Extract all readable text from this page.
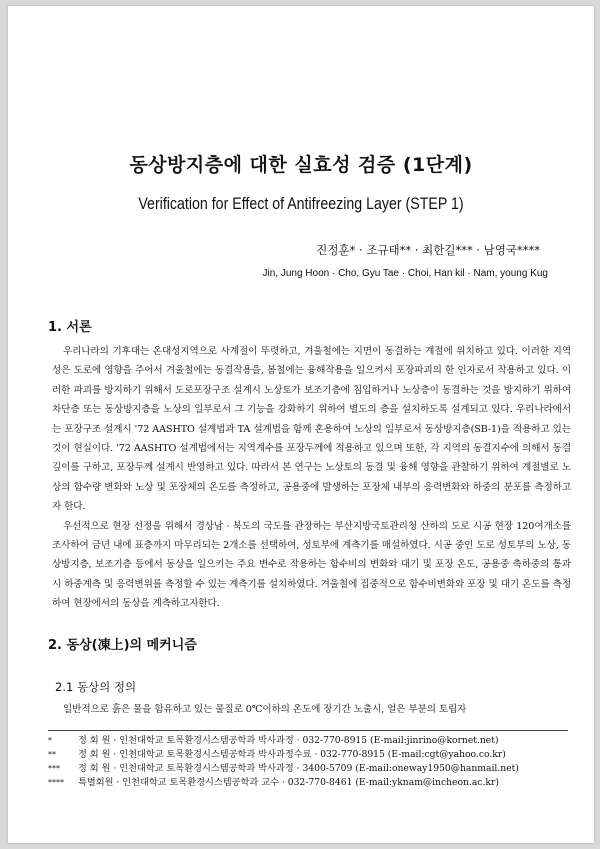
동상방지층에 대한 실효성 검증 (1단계)
Verification for Effect of Antifreezing Layer (STEP 1)
진정훈* · 조규태** · 최한길*** · 남영국****
Jin, Jung Hoon · Cho, Gyu Tae · Choi, Han kil · Nam, young Kug
1. 서론

우리나라의 기후대는 온대성지역으로 사계절이 뚜렷하고, 겨울철에는 지면이 동결하는 계절에 위치하고 있다. 이러한 지역성은 도로에 영향을 주어서 겨울철에는 동결작용을, 봄철에는 융해작용을 일으켜서 포장파괴의 한 인자로서 작용하고 있다. 이러한 파괴를 방지하기 위해서 도로포장구조 설계시 노상토가 보조기층에 침입하거나 노상층이 동결하는 것을 방지하기 위하여 차단층 또는 동상방지층을 노상의 일부로서 그 기능을 강화하기 위하여 별도의 층을 설치하도록 설계되고 있다. 우리나라에서는 포장구조 설계시 '72 AASHTO 설계법과 TA 설계법을 함께 혼용하여 노상의 일부로서 동상방지층(SB-1)을 적용하고 있는 것이 현실이다. '72 AASHTO 설계법에서는 지역계수를 포장두께에 적용하고 있으며 또한, 각 지역의 동결지수에 의해서 동결깊이를 구하고, 포장두께 설계시 반영하고 있다. 따라서 본 연구는 노상토의 동결 및 융해 영향을 관찰하기 위하여 계절별로 노상의 함수량 변화와 노상 및 포장체의 온도를 측정하고, 공용중에 발생하는 포장체 내부의 응력변화와 하중의 분포를 측정하고자 한다.

우선적으로 현장 선정을 위해서 경상남 · 북도의 국도를 관장하는 부산지방국토관리청 산하의 도로 시공 현장 120여개소를 조사하여 금년 내에 표층까지 마무리되는 2개소를 선택하여, 성토부에 계측기를 매설하였다. 시공 중인 도로 성토부의 노상, 동상방지층, 보조기층 등에서 동상을 일으키는 주요 변수로 작용하는 함수비의 변화와 대기 및 포장 온도, 공용중 축하중의 통과시 하중계측 및 응력변위를 측정할 수 있는 계측기를 설치하였다. 겨울철에 집중적으로 함수비변화와 포장 및 대기 온도를 측정하여 현장에서의 동상을 계측하고자한다.

2. 동상(凍上)의 메커니즘
2.1 동상의 정의

일반적으로 흙은 물을 함유하고 있는 물질로 0℃이하의 온도에 장기간 노출시, 얼은 부분의 토립자

*	정 회 원 · 인천대학교 토목환경시스템공학과 박사과정 · 032-770-8915 (E-mail:jinrino@kornet.net)
** 정 회 원 · 인천대학교 토목환경시스템공학과 박사과정수료 · 032-770-8915 (E-mail:cgt@yahoo.co.kr)
*** 정 회 원 · 인천대학교 토목환경시스템공학과 박사과정 · 3400-5709 (E-mail:oneway1950@hanmail.net)
**** 특별회원 · 인천대학교 토목환경시스템공학과 교수 · 032-770-8461 (E-mail:yknam@incheon.ac.kr)
